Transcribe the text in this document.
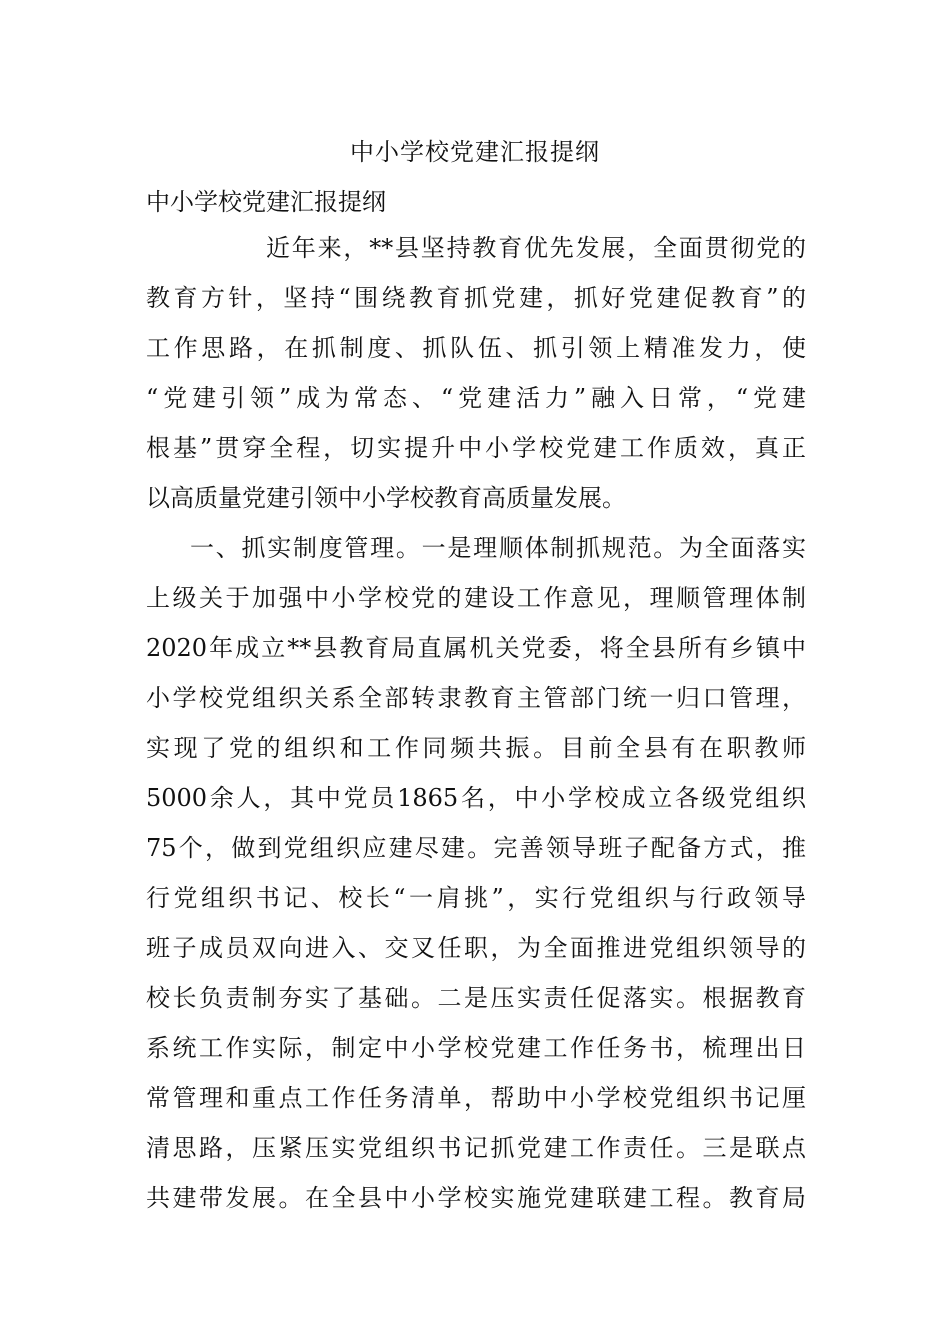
中小学校党建汇报提纲
中小学校党建汇报提纲
近年来，**县坚持教育优先发展，全面贯彻党的
教育方针，坚持“围绕教育抓党建，抓好党建促教育”的
工作思路，在抓制度、抓队伍、抓引领上精准发力，使
“党建引领”成为常态、“党建活力”融入日常，“党建
根基”贯穿全程，切实提升中小学校党建工作质效，真正
以高质量党建引领中小学校教育高质量发展。
一、抓实制度管理。一是理顺体制抓规范。为全面落实
上级关于加强中小学校党的建设工作意见，理顺管理体制
2020年成立**县教育局直属机关党委，将全县所有乡镇中
小学校党组织关系全部转隶教育主管部门统一归口管理，
实现了党的组织和工作同频共振。目前全县有在职教师
5000余人，其中党员1865名，中小学校成立各级党组织
75个，做到党组织应建尽建。完善领导班子配备方式，推
行党组织书记、校长“一肩挑”，实行党组织与行政领导
班子成员双向进入、交叉任职，为全面推进党组织领导的
校长负责制夯实了基础。二是压实责任促落实。根据教育
系统工作实际，制定中小学校党建工作任务书，梳理出日
常管理和重点工作任务清单，帮助中小学校党组织书记厘
清思路，压紧压实党组织书记抓党建工作责任。三是联点
共建带发展。在全县中小学校实施党建联建工程。教育局
